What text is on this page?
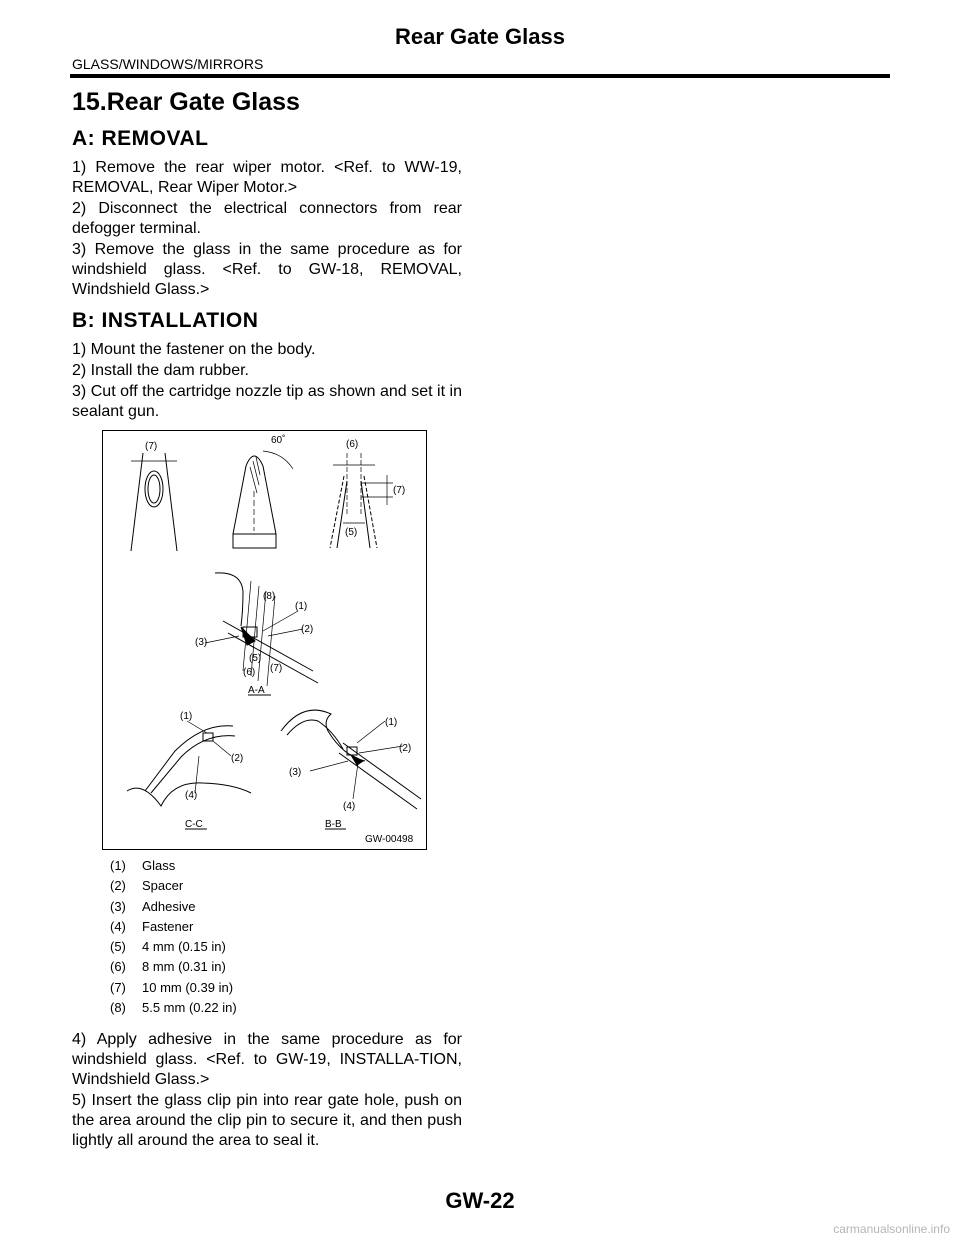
Rear Gate Glass
GLASS/WINDOWS/MIRRORS
15.Rear Gate Glass
A: REMOVAL

1) Remove the rear wiper motor. <Ref. to WW-19, REMOVAL, Rear Wiper Motor.>

2) Disconnect the electrical connectors from rear defogger terminal.

3) Remove the glass in the same procedure as for windshield glass. <Ref. to GW-18, REMOVAL, Windshield Glass.>

B: INSTALLATION

1) Mount the fastener on the body.

2) Install the dam rubber.

3) Cut off the cartridge nozzle tip as shown and set it in sealant gun.

(7)
60˚	(6)
(7)
(5)
(8)
(1)
(2)
(3)
(5)
(7)
(6)
A-A
(1)
(2)
(4)
C-C
(1)
(2)
(3)
(4)
B-B
GW-00498
(1)	Glass
(2)	Spacer
(3)	Adhesive
(4)	Fastener
(5)	4 mm (0.15 in)
(6)	8 mm (0.31 in)
(7)	10 mm (0.39 in)
(8)	5.5 mm (0.22 in)

4) Apply adhesive in the same procedure as for windshield glass. <Ref. to GW-19, INSTALLA-TION, Windshield Glass.>

5) Insert the glass clip pin into rear gate hole, push on the area around the clip pin to secure it, and then push lightly all around the area to seal it.

GW-22
carmanualsonline.info
